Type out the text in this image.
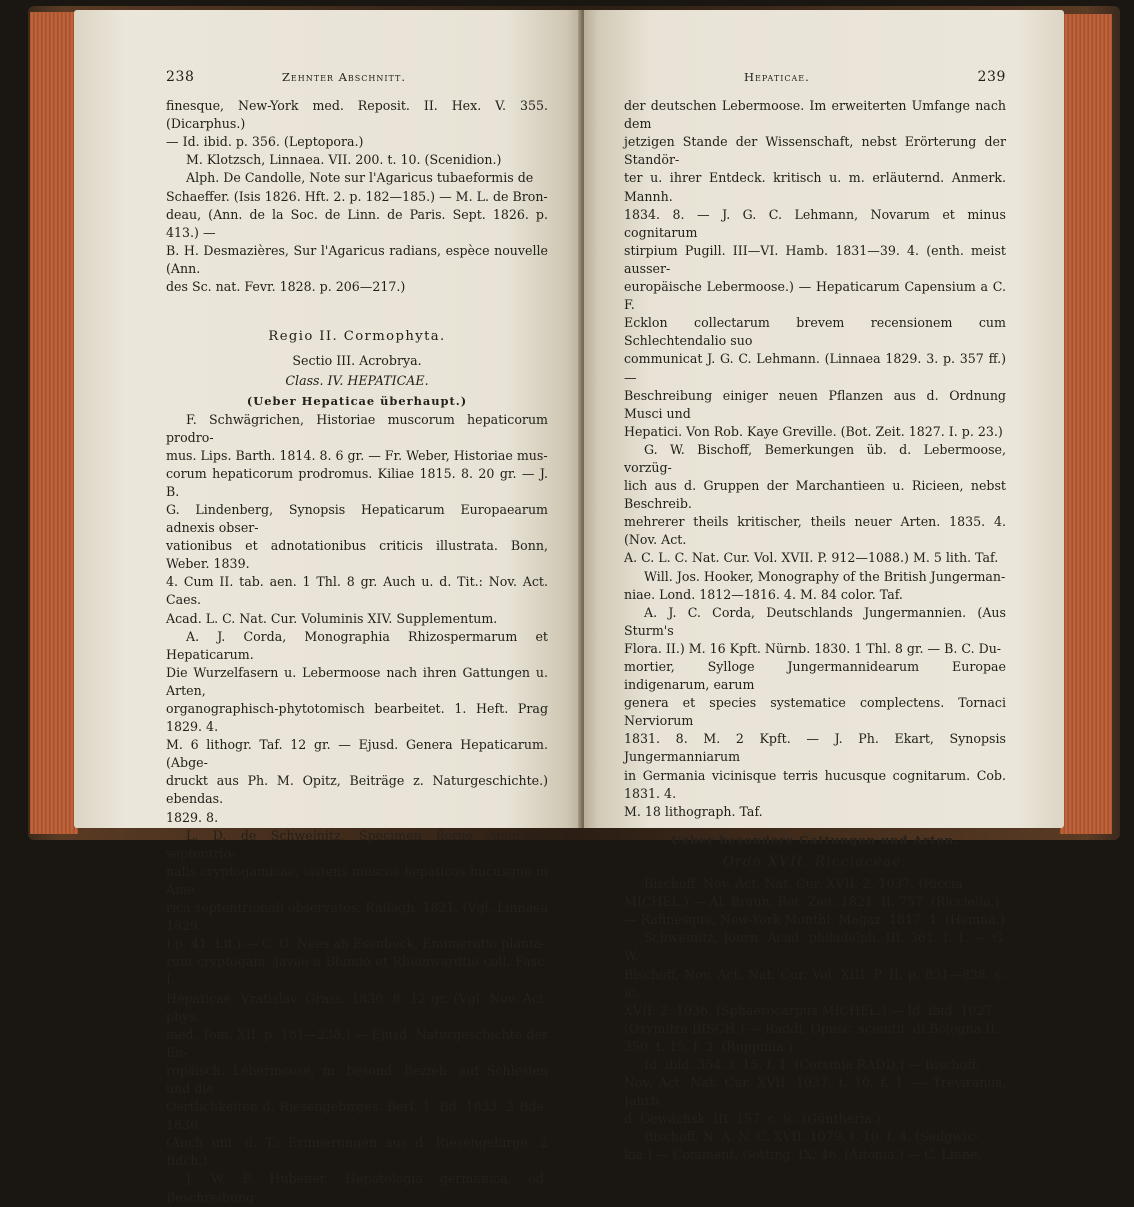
238	Zehnter Abschnitt.

finesque, New-York med. Reposit. II. Hex. V. 355. (Dicarphus.)

— Id. ibid. p. 356. (Leptopora.)

M. Klotzsch, Linnaea. VII. 200. t. 10. (Scenidion.)

Alph. De Candolle, Note sur l'Agaricus tubaeformis de

Schaeffer. (Isis 1826. Hft. 2. p. 182—185.) — M. L. de Bron-

deau, (Ann. de la Soc. de Linn. de Paris. Sept. 1826. p. 413.) —

B. H. Desmazières, Sur l'Agaricus radians, espèce nouvelle (Ann.

des Sc. nat. Fevr. 1828. p. 206—217.)

Regio II. Cormophyta.

Sectio III. Acrobrya.

Class. IV. HEPATICAE.

(Ueber Hepaticae überhaupt.)

F. Schwägrichen, Historiae muscorum hepaticorum prodro-

mus. Lips. Barth. 1814. 8. 6 gr. — Fr. Weber, Historiae mus-

corum hepaticorum prodromus. Kiliae 1815. 8. 20 gr. — J. B.

G. Lindenberg, Synopsis Hepaticarum Europaearum adnexis obser-

vationibus et adnotationibus criticis illustrata. Bonn, Weber. 1839.

4. Cum II. tab. aen. 1 Thl. 8 gr. Auch u. d. Tit.: Nov. Act. Caes.

Acad. L. C. Nat. Cur. Voluminis XIV. Supplementum.

A. J. Corda, Monographia Rhizospermarum et Hepaticarum.

Die Wurzelfasern u. Lebermoose nach ihren Gattungen u. Arten,

organographisch-phytotomisch bearbeitet. 1. Heft. Prag 1829. 4.

M. 6 lithogr. Taf. 12 gr. — Ejusd. Genera Hepaticarum. (Abge-

druckt aus Ph. M. Opitz, Beiträge z. Naturgeschichte.) ebendas.

1829. 8.

L. D. de Schweinitz, Specimen florae Americae septentrio-

nalis cryptogamicae, sistens muscos hepaticos hucusque in Ame

rica septentrionali observatos. Railagh. 1821. (Vgl. Linnaea 1829.

I p. 41. Lit.) — C. G. Nees ab Esenbeck, Enumeratio planta-

rum cryptogam. Javae a Blumio et Rheinwardtio coll. Fasc. I.

Hepaticae. Vratislav. Grass. 1830. 8. 12 gr. (Vgl. Nov. Act. phys.

med. Tom. XII. p. 181—238.) — Ejusd. Naturgeschichte der Eu-

ropäisch. Lebermoose, m. besond. Bezieh. auf Schlesien und die

Oertlichkeiten d. Riesengebirges. Berl. 1. Bd. 1833. 2 Bde. 1836.

(Auch unt. d. T.: Erinnerungen aus d. Riesengebirge. 2 Bdch.)

J. W. P. Hübener, Hepatologia germanica, od. Beschreibung

Hepaticae.	239

der deutschen Lebermoose. Im erweiterten Umfange nach dem

jetzigen Stande der Wissenschaft, nebst Erörterung der Standör-

ter u. ihrer Entdeck. kritisch u. m. erläuternd. Anmerk. Mannh.

1834. 8. — J. G. C. Lehmann, Novarum et minus cognitarum

stirpium Pugill. III—VI. Hamb. 1831—39. 4. (enth. meist ausser-

europäische Lebermoose.) — Hepaticarum Capensium a C. F.

Ecklon collectarum brevem recensionem cum Schlechtendalio suo

communicat J. G. C. Lehmann. (Linnaea 1829. 3. p. 357 ff.) —

Beschreibung einiger neuen Pflanzen aus d. Ordnung Musci und

Hepatici. Von Rob. Kaye Greville. (Bot. Zeit. 1827. I. p. 23.)

G. W. Bischoff, Bemerkungen üb. d. Lebermoose, vorzüg-

lich aus d. Gruppen der Marchantieen u. Ricieen, nebst Beschreib.

mehrerer theils kritischer, theils neuer Arten. 1835. 4. (Nov. Act.

A. C. L. C. Nat. Cur. Vol. XVII. P. 912—1088.) M. 5 lith. Taf.

Will. Jos. Hooker, Monography of the British Jungerman-

niae. Lond. 1812—1816. 4. M. 84 color. Taf.

A. J. C. Corda, Deutschlands Jungermannien. (Aus Sturm's

Flora. II.) M. 16 Kpft. Nürnb. 1830. 1 Thl. 8 gr. — B. C. Du-

mortier, Sylloge Jungermannidearum Europae indigenarum, earum

genera et species systematice complectens. Tornaci Nerviorum

1831. 8. M. 2 Kpft. — J. Ph. Ekart, Synopsis Jungermanniarum

in Germania vicinisque terris hucusque cognitarum. Cob. 1831. 4.

M. 18 lithograph. Taf.

Ueber besondere Gattungen und Arten.

Ordo XVII. Ricciaceae.

Bischoff, Nov. Act. Nat. Cur. XVII. 2. 1037. (Riccia

MICHEL.) — Al. Braun, Bot. Zeit. 1821. II. 757. (Ricciella.)

— Rafinesque, New-York Monthl. Magaz. 1817. 1. (Hemna.)

Schweinitz, Journ. Acad. philadelph. III. 361. f. 1. — G. W.

Bischoff, Nov. Act. Nat. Cur. Vol. XIII. P. II. p. 831—838. c. ic.

XVII. 2. 1036. (Sphaerocarpus MICHEL.) — Id. ibid. 1027.

(Oxymitra BISCH.) — Raddi, Opusc. scientif. di Bologna II.

350. t. 15. f. 3. (Ruppinia.)

Id. ibid. 354. t. 15. f. 1. (Corsinia RADD.) — Bischoff,

Nov. Act. Nat. Cur. XVII. 1037. t. 10. f. 1. — Treviranus, Jahrb.

d. Gewächsk. III. 157. c. ic. (Güntheria.)

Bischoff, N. A. N. C. XVII. 1079. t. 10. f. 4. (Sedgwic-

kia.) — Comment. Götting. IX. 46. (Aitonia.) — C. Linné,
